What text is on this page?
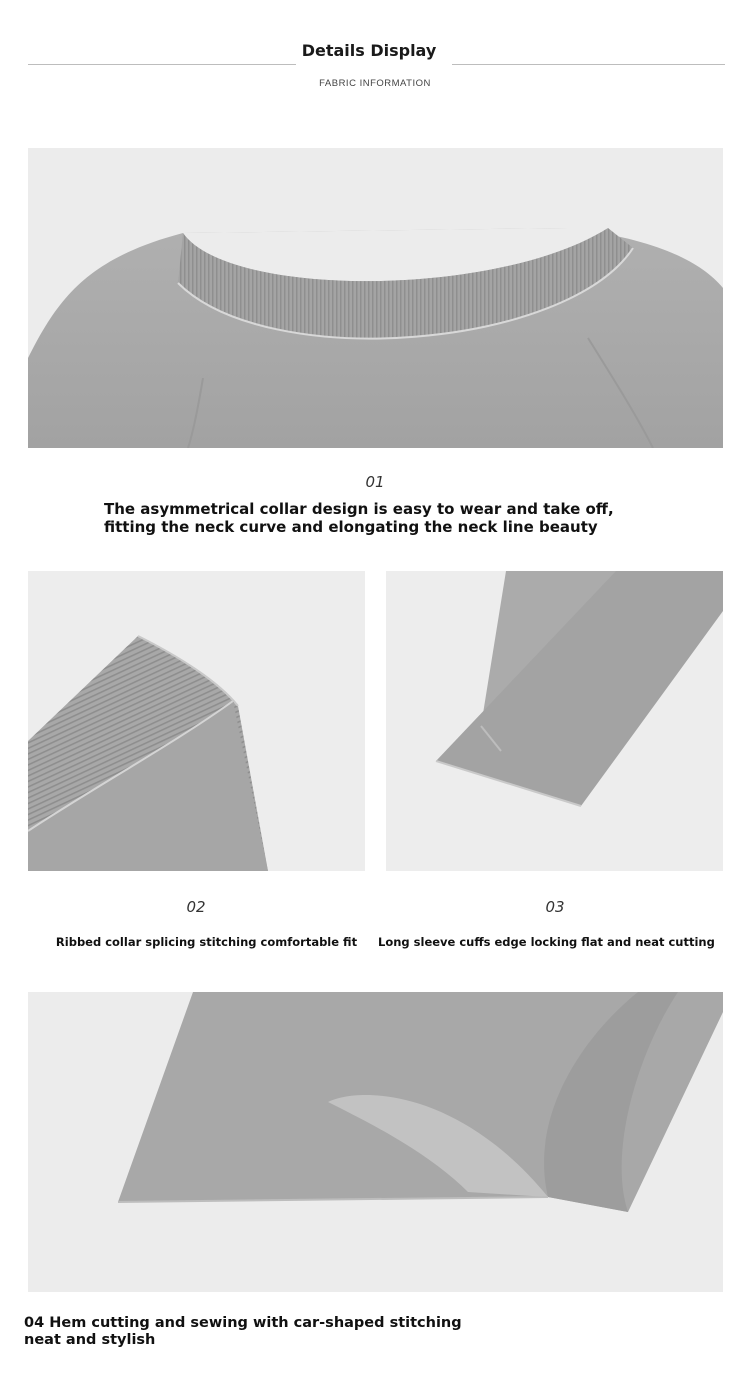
Details Display
FABRIC INFORMATION
01
The asymmetrical collar design is easy to wear and take off, fitting the neck curve and elongating the neck line beauty
02	03
Ribbed collar splicing stitching comfortable fit	Long sleeve cuffs edge locking flat and neat cutting
04 Hem cutting and sewing with car-shaped stitching neat and stylish
